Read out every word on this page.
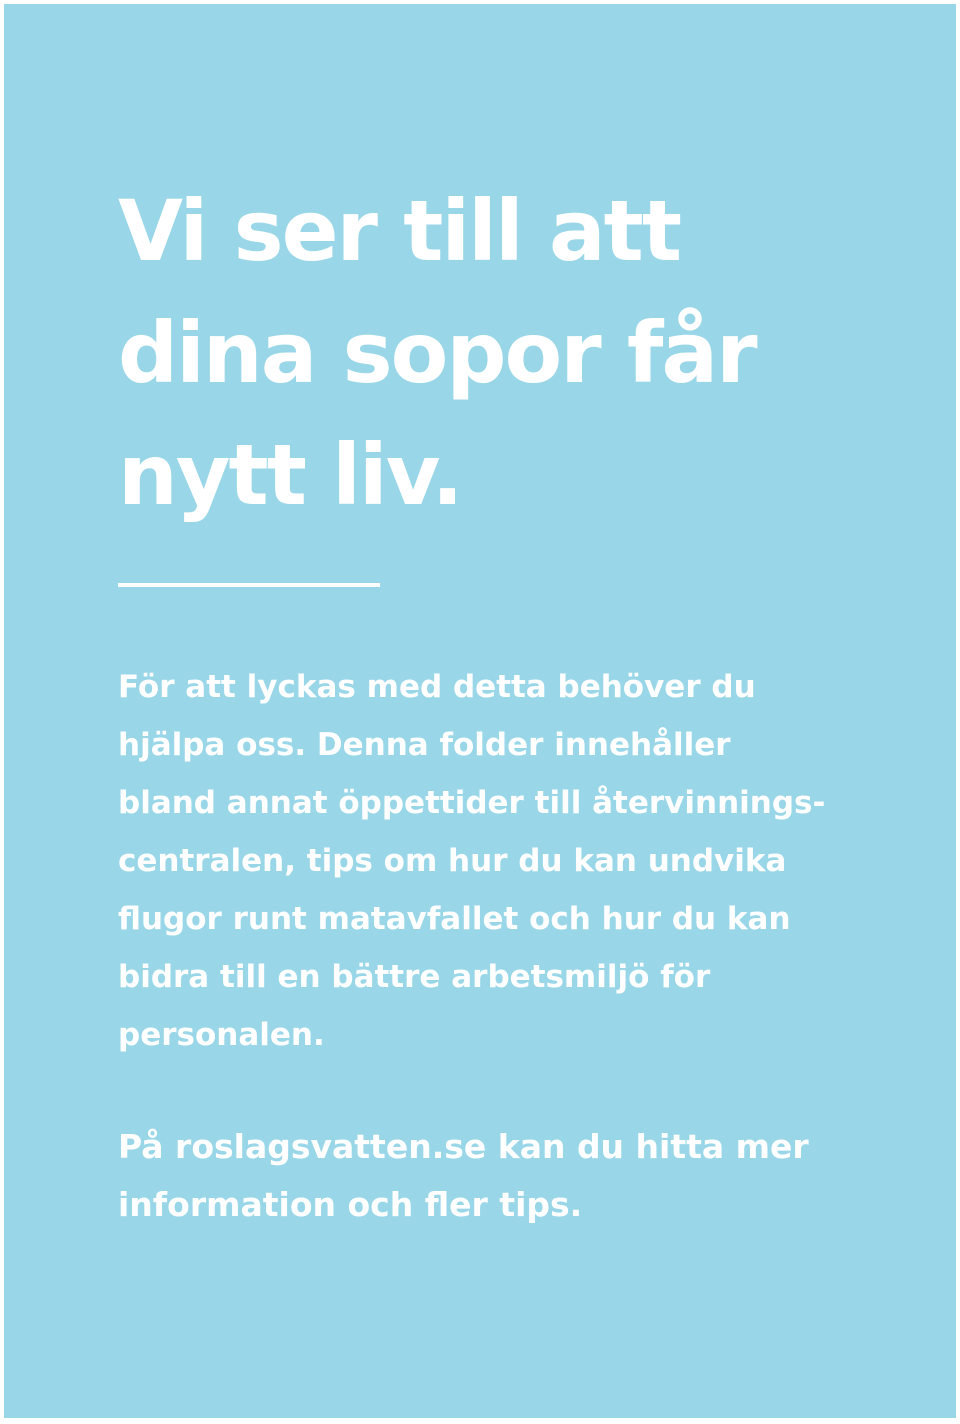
Vi ser till att
dina sopor får
nytt liv.

För att lyckas med detta behöver du
hjälpa oss. Denna folder innehåller
bland annat öppettider till återvinnings-
centralen, tips om hur du kan undvika
flugor runt matavfallet och hur du kan
bidra till en bättre arbetsmiljö för
personalen.

På roslagsvatten.se kan du hitta mer
information och fler tips.
